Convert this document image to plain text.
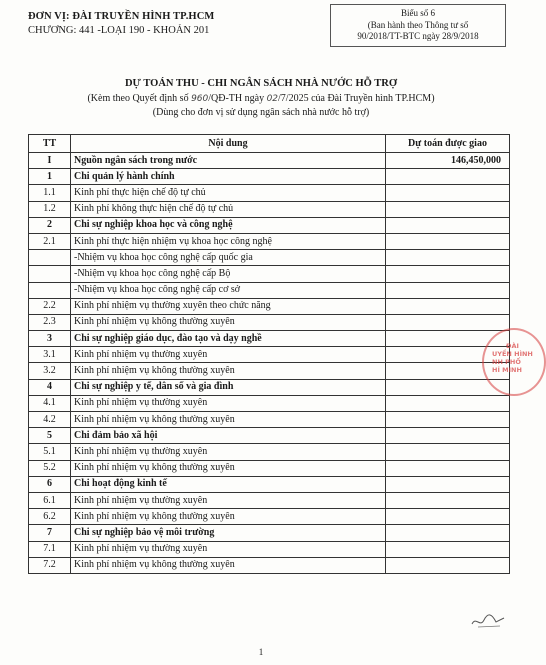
ĐƠN VỊ: ĐÀI TRUYỀN HÌNH TP.HCM
CHƯƠNG: 441 -LOẠI 190 - KHOẢN 201
Biểu số 6
(Ban hành theo Thông tư số
90/2018/TT-BTC ngày 28/9/2018
DỰ TOÁN THU - CHI NGÂN SÁCH NHÀ NƯỚC HỖ TRỢ
(Kèm theo Quyết định số 960/QĐ-TH ngày 02/7/2025 của Đài Truyền hình TP.HCM)
(Dùng cho đơn vị sử dụng ngân sách nhà nước hỗ trợ)
TT	Nội dung	Dự toán được giao
I	Nguồn ngân sách trong nước	146,450,000
1	Chi quản lý hành chính	
1.1	Kinh phí thực hiện chế độ tự chủ	
1.2	Kinh phí không thực hiện chế độ tự chủ	
2	Chi sự nghiệp khoa học và công nghệ	
2.1	Kinh phí thực hiện nhiệm vụ khoa học công nghệ	
	-Nhiệm vụ khoa học công nghệ cấp quốc gia	
	-Nhiệm vụ khoa học công nghệ cấp Bộ	
	-Nhiệm vụ khoa học công nghệ cấp cơ sở	
2.2	Kinh phí nhiệm vụ thường xuyên theo chức năng	
2.3	Kinh phí nhiệm vụ không thường xuyên	
3	Chi sự nghiệp giáo dục, đào tạo và dạy nghề	
3.1	Kinh phí nhiệm vụ thường xuyên	
3.2	Kinh phí nhiệm vụ không thường xuyên	
4	Chi sự nghiệp y tế, dân số và gia đình	
4.1	Kinh phí nhiệm vụ thường xuyên	
4.2	Kinh phí nhiệm vụ không thường xuyên	
5	Chi đảm bảo xã hội	
5.1	Kinh phí nhiệm vụ thường xuyên	
5.2	Kinh phí nhiệm vụ không thường xuyên	
6	Chi hoạt động kinh tế	
6.1	Kinh phí nhiệm vụ thường xuyên	
6.2	Kinh phí nhiệm vụ không thường xuyên	
7	Chi sự nghiệp bảo vệ môi trường	
7.1	Kinh phí nhiệm vụ thường xuyên	
7.2	Kinh phí nhiệm vụ không thường xuyên	
ĐÀI
UYỀN HÌNH
NH PHỐ
HÍ MINH
1
